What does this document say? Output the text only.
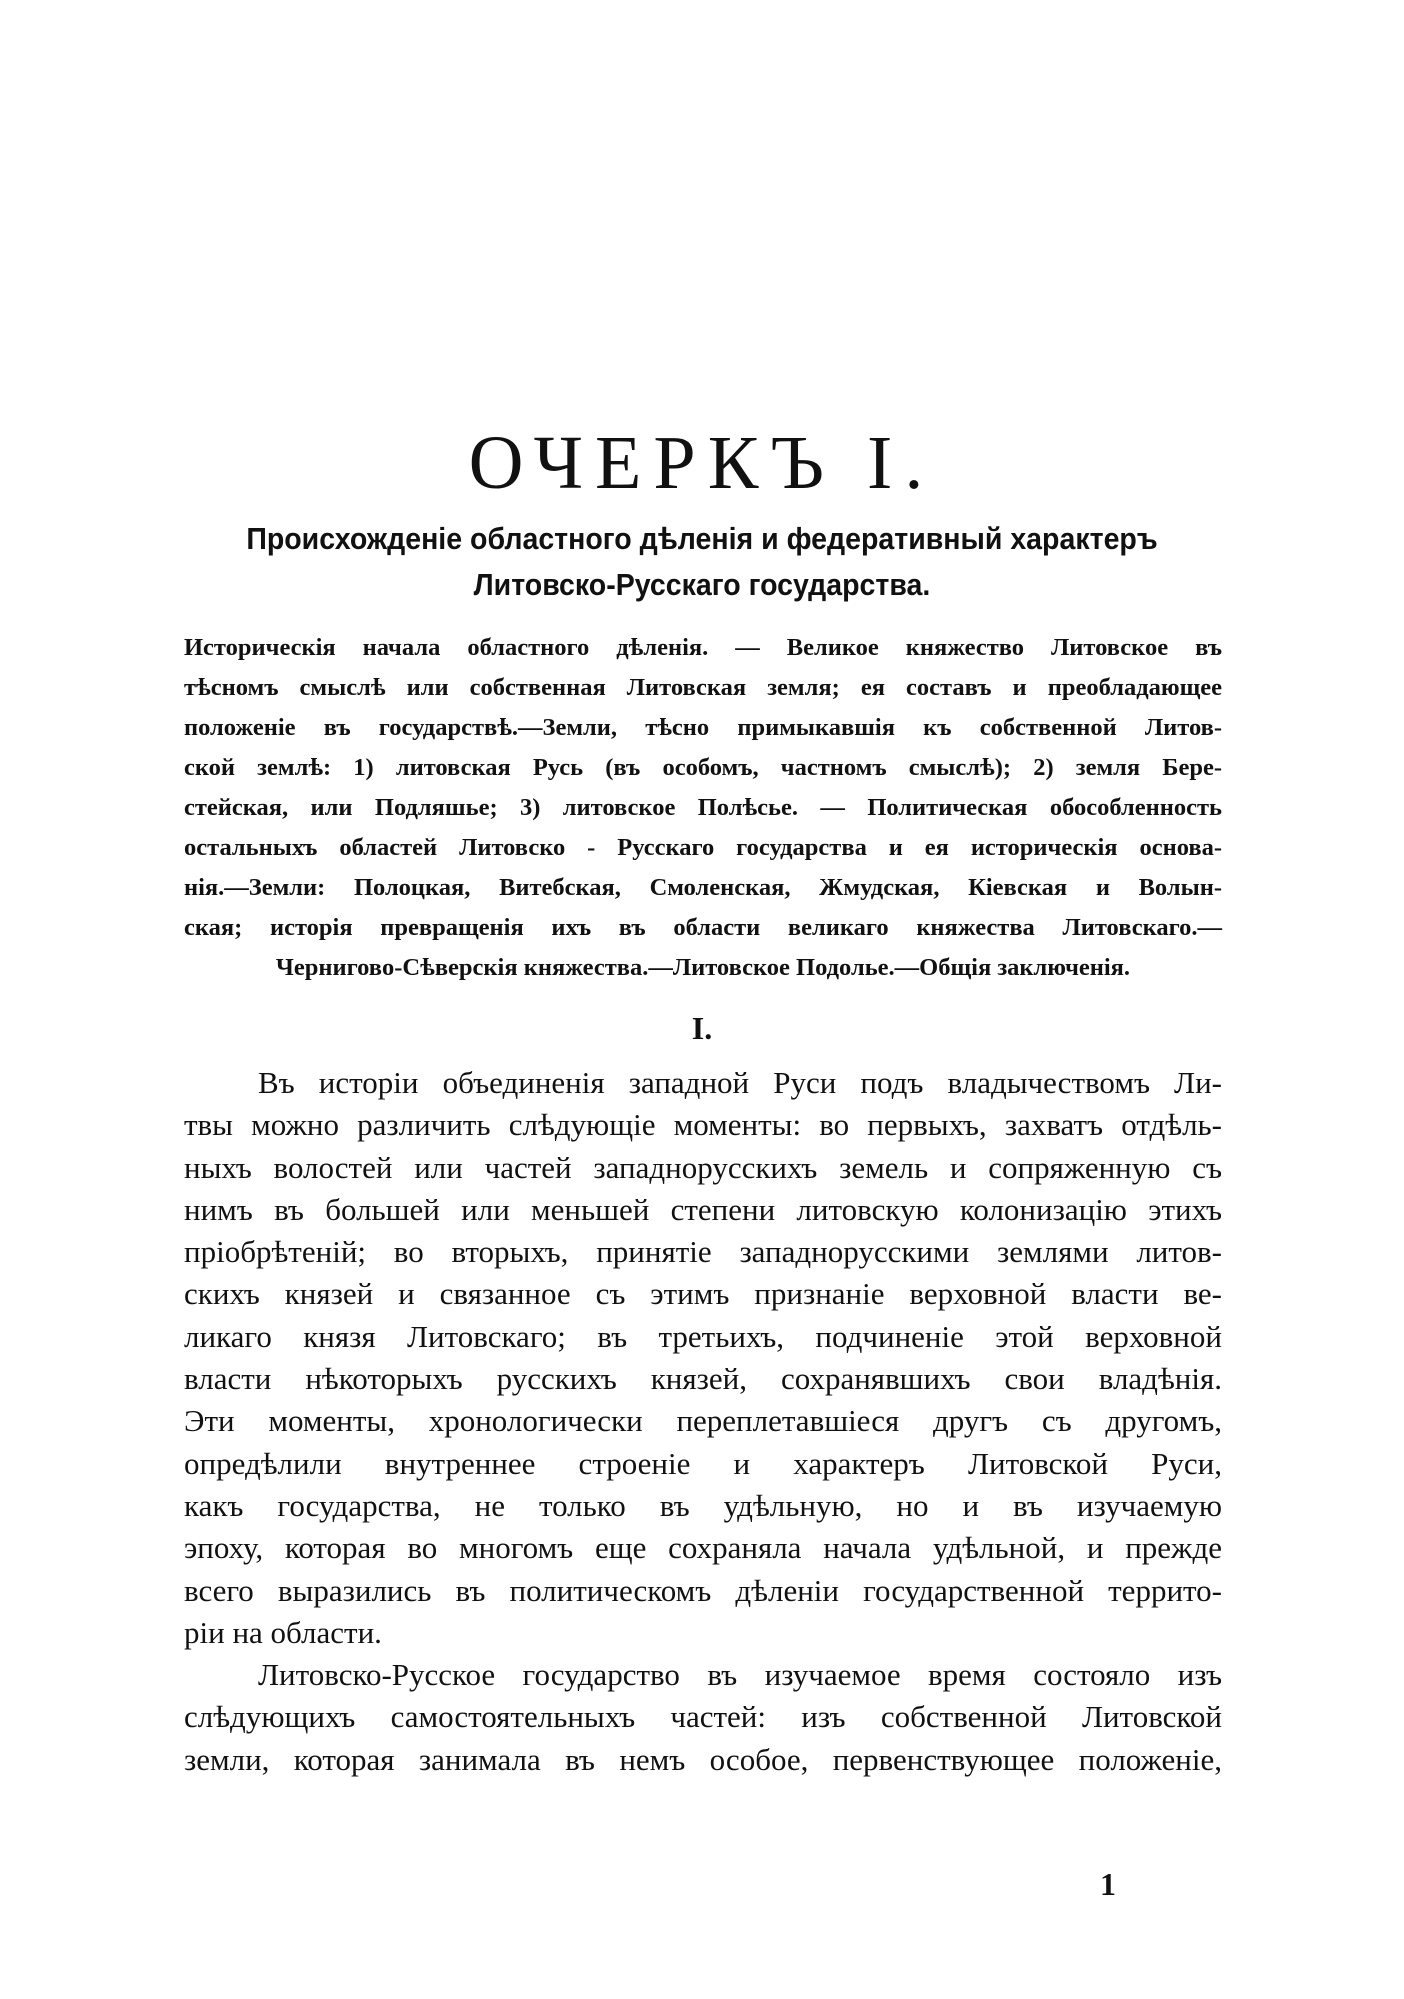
ОЧЕРКЪ I.
Происхожденіе областного дѣленія и федеративный характеръ
Литовско-Русскаго государства.
Историческія начала областного дѣленія. — Великое княжество Литовское въ
тѣсномъ смыслѣ или собственная Литовская земля; ея составъ и преобладающее
положеніе въ государствѣ.—Земли, тѣсно примыкавшія къ собственной Литов-
ской землѣ: 1) литовская Русь (въ особомъ, частномъ смыслѣ); 2) земля Бере-
стейская, или Подляшье; 3) литовское Полѣсье. — Политическая обособленность
остальныхъ областей Литовско - Русскаго государства и ея историческія основа-
нія.—Земли: Полоцкая, Витебская, Смоленская, Жмудская, Кіевская и Волын-
ская; исторія превращенія ихъ въ области великаго княжества Литовскаго.—
Черниговo-Сѣверскія княжества.—Литовское Подолье.—Общія заключенія.
I.
Въ исторіи объединенія западной Руси подъ владычествомъ Ли-
твы можно различить слѣдующіе моменты: во первыхъ, захватъ отдѣль-
ныхъ волостей или частей западнорусскихъ земель и сопряженную съ
нимъ въ большей или меньшей степени литовскую колонизацію этихъ
пріобрѣтеній; во вторыхъ, принятіе западнорусскими землями литов-
скихъ князей и связанное съ этимъ признаніе верховной власти ве-
ликаго князя Литовскаго; въ третьихъ, подчиненіе этой верховной
власти нѣкоторыхъ русскихъ князей, сохранявшихъ свои владѣнія.
Эти моменты, хронологически переплетавшіеся другъ съ другомъ,
опредѣлили внутреннее строеніе и характеръ Литовской Руси,
какъ государства, не только въ удѣльную, но и въ изучаемую
эпоху, которая во многомъ еще сохраняла начала удѣльной, и прежде
всего выразились въ политическомъ дѣленіи государственной террито-
ріи на области.
Литовско-Русское государство въ изучаемое время состояло изъ
слѣдующихъ самостоятельныхъ частей: изъ собственной Литовской
земли, которая занимала въ немъ особое, первенствующее положеніе,
1
